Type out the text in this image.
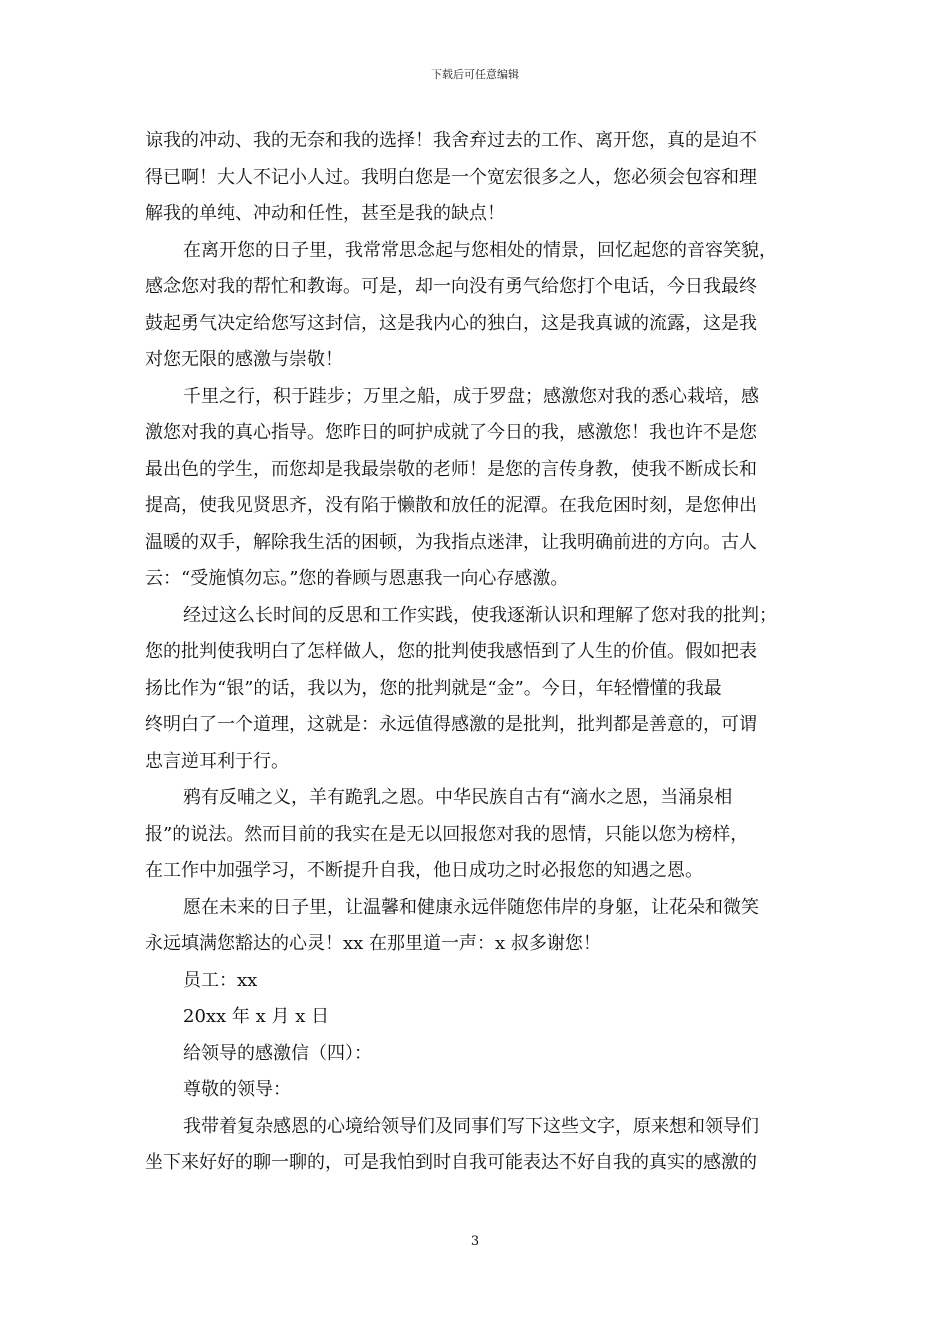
下载后可任意编辑
谅我的冲动、我的无奈和我的选择！我舍弃过去的工作、离开您，真的是迫不
得已啊！大人不记小人过。我明白您是一个宽宏很多之人，您必须会包容和理
解我的单纯、冲动和任性，甚至是我的缺点！
在离开您的日子里，我常常思念起与您相处的情景，回忆起您的音容笑貌，
感念您对我的帮忙和教诲。可是，却一向没有勇气给您打个电话，今日我最终
鼓起勇气决定给您写这封信，这是我内心的独白，这是我真诚的流露，这是我
对您无限的感激与崇敬！
千里之行，积于跬步；万里之船，成于罗盘；感激您对我的悉心栽培，感
激您对我的真心指导。您昨日的呵护成就了今日的我，感激您！我也许不是您
最出色的学生，而您却是我最崇敬的老师！是您的言传身教，使我不断成长和
提高，使我见贤思齐，没有陷于懒散和放任的泥潭。在我危困时刻，是您伸出
温暖的双手，解除我生活的困顿，为我指点迷津，让我明确前进的方向。古人
云：“受施慎勿忘。”您的眷顾与恩惠我一向心存感激。
经过这么长时间的反思和工作实践，使我逐渐认识和理解了您对我的批判；
您的批判使我明白了怎样做人，您的批判使我感悟到了人生的价值。假如把表
扬比作为“银”的话，我以为，您的批判就是“金”。今日，年轻懵懂的我最
终明白了一个道理，这就是：永远值得感激的是批判，批判都是善意的，可谓
忠言逆耳利于行。
鸦有反哺之义，羊有跪乳之恩。中华民族自古有“滴水之恩，当涌泉相
报”的说法。然而目前的我实在是无以回报您对我的恩情，只能以您为榜样，
在工作中加强学习，不断提升自我，他日成功之时必报您的知遇之恩。
愿在未来的日子里，让温馨和健康永远伴随您伟岸的身躯，让花朵和微笑
永远填满您豁达的心灵！xx 在那里道一声：x 叔多谢您！
员工：xx
20xx 年 x 月 x 日
给领导的感激信（四）：
尊敬的领导：
我带着复杂感恩的心境给领导们及同事们写下这些文字，原来想和领导们
坐下来好好的聊一聊的，可是我怕到时自我可能表达不好自我的真实的感激的
3
